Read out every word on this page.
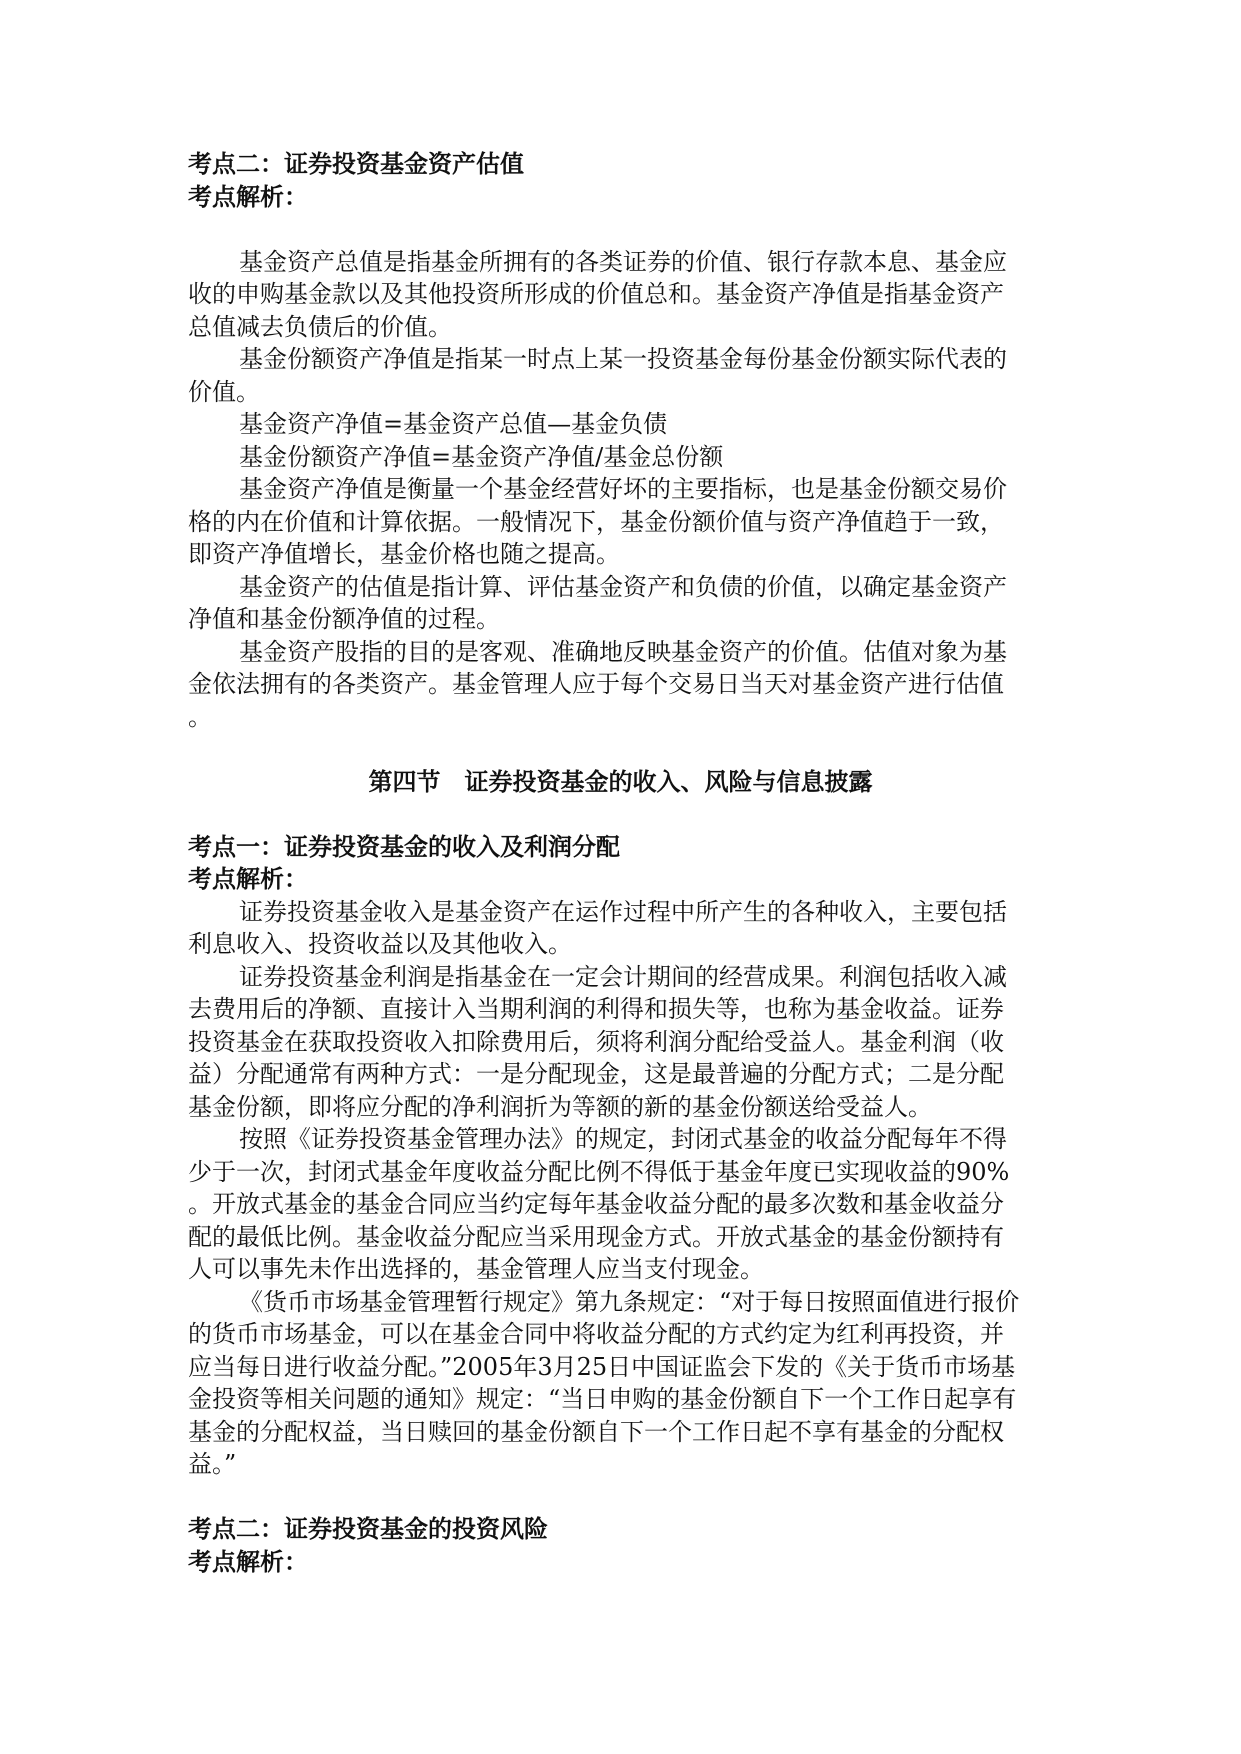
考点二：证券投资基金资产估值

考点解析：

基金资产总值是指基金所拥有的各类证券的价值、银行存款本息、基金应

收的申购基金款以及其他投资所形成的价值总和。基金资产净值是指基金资产

总值减去负债后的价值。

基金份额资产净值是指某一时点上某一投资基金每份基金份额实际代表的

价值。

基金资产净值=基金资产总值—基金负债

基金份额资产净值=基金资产净值/基金总份额

基金资产净值是衡量一个基金经营好坏的主要指标，也是基金份额交易价

格的内在价值和计算依据。一般情况下，基金份额价值与资产净值趋于一致，

即资产净值增长，基金价格也随之提高。

基金资产的估值是指计算、评估基金资产和负债的价值，以确定基金资产

净值和基金份额净值的过程。

基金资产股指的目的是客观、准确地反映基金资产的价值。估值对象为基

金依法拥有的各类资产。基金管理人应于每个交易日当天对基金资产进行估值

。

第四节　证券投资基金的收入、风险与信息披露

考点一：证券投资基金的收入及利润分配

考点解析：

证券投资基金收入是基金资产在运作过程中所产生的各种收入，主要包括

利息收入、投资收益以及其他收入。

证券投资基金利润是指基金在一定会计期间的经营成果。利润包括收入减

去费用后的净额、直接计入当期利润的利得和损失等，也称为基金收益。证券

投资基金在获取投资收入扣除费用后，须将利润分配给受益人。基金利润（收

益）分配通常有两种方式：一是分配现金，这是最普遍的分配方式；二是分配

基金份额，即将应分配的净利润折为等额的新的基金份额送给受益人。

按照《证券投资基金管理办法》的规定，封闭式基金的收益分配每年不得

少于一次，封闭式基金年度收益分配比例不得低于基金年度已实现收益的90%

。开放式基金的基金合同应当约定每年基金收益分配的最多次数和基金收益分

配的最低比例。基金收益分配应当采用现金方式。开放式基金的基金份额持有

人可以事先未作出选择的，基金管理人应当支付现金。

《货币市场基金管理暂行规定》第九条规定：“对于每日按照面值进行报价

的货币市场基金，可以在基金合同中将收益分配的方式约定为红利再投资，并

应当每日进行收益分配。”2005年3月25日中国证监会下发的《关于货币市场基

金投资等相关问题的通知》规定：“当日申购的基金份额自下一个工作日起享有

基金的分配权益，当日赎回的基金份额自下一个工作日起不享有基金的分配权

益。”

考点二：证券投资基金的投资风险

考点解析：
